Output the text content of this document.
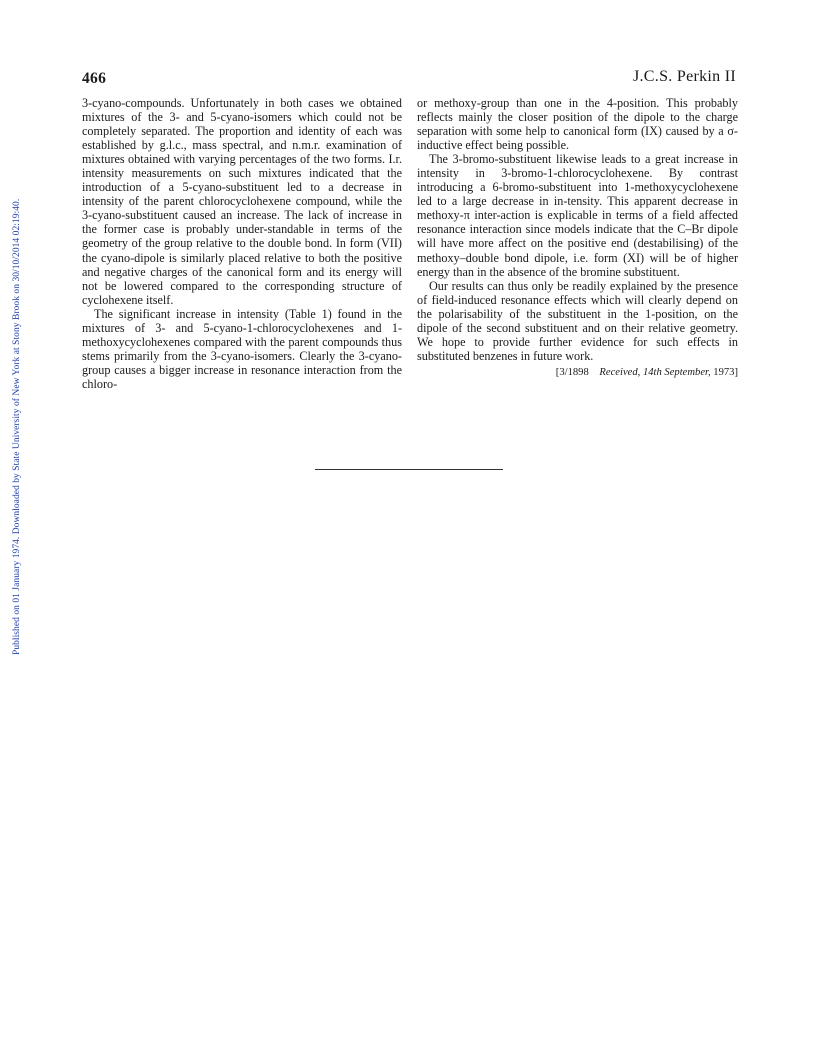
Published on 01 January 1974. Downloaded by State University of New York at Stony Brook on 30/10/2014 02:19:40.
466	J.C.S. Perkin II

3-cyano-compounds. Unfortunately in both cases we obtained mixtures of the 3- and 5-cyano-isomers which could not be completely separated. The proportion and identity of each was established by g.l.c., mass spectral, and n.m.r. examination of mixtures obtained with varying percentages of the two forms. I.r. intensity measurements on such mixtures indicated that the introduction of a 5-cyano-substituent led to a decrease in intensity of the parent chlorocyclohexene compound, while the 3-cyano-substituent caused an increase. The lack of increase in the former case is probably under-standable in terms of the geometry of the group relative to the double bond. In form (VII) the cyano-dipole is similarly placed relative to both the positive and negative charges of the canonical form and its energy will not be lowered compared to the corresponding structure of cyclohexene itself.

The significant increase in intensity (Table 1) found in the mixtures of 3- and 5-cyano-1-chlorocyclohexenes and 1-methoxycyclohexenes compared with the parent compounds thus stems primarily from the 3-cyano-isomers. Clearly the 3-cyano-group causes a bigger increase in resonance interaction from the chloro-

or methoxy-group than one in the 4-position. This probably reflects mainly the closer position of the dipole to the charge separation with some help to canonical form (IX) caused by a σ-inductive effect being possible.

The 3-bromo-substituent likewise leads to a great increase in intensity in 3-bromo-1-chlorocyclohexene. By contrast introducing a 6-bromo-substituent into 1-methoxycyclohexene led to a large decrease in in-tensity. This apparent decrease in methoxy-π inter-action is explicable in terms of a field affected resonance interaction since models indicate that the C–Br dipole will have more affect on the positive end (destabilising) of the methoxy–double bond dipole, i.e. form (XI) will be of higher energy than in the absence of the bromine substituent.

Our results can thus only be readily explained by the presence of field-induced resonance effects which will clearly depend on the polarisability of the substituent in the 1-position, on the dipole of the second substituent and on their relative geometry. We hope to provide further evidence for such effects in substituted benzenes in future work.

[3/1898 Received, 14th September, 1973]
